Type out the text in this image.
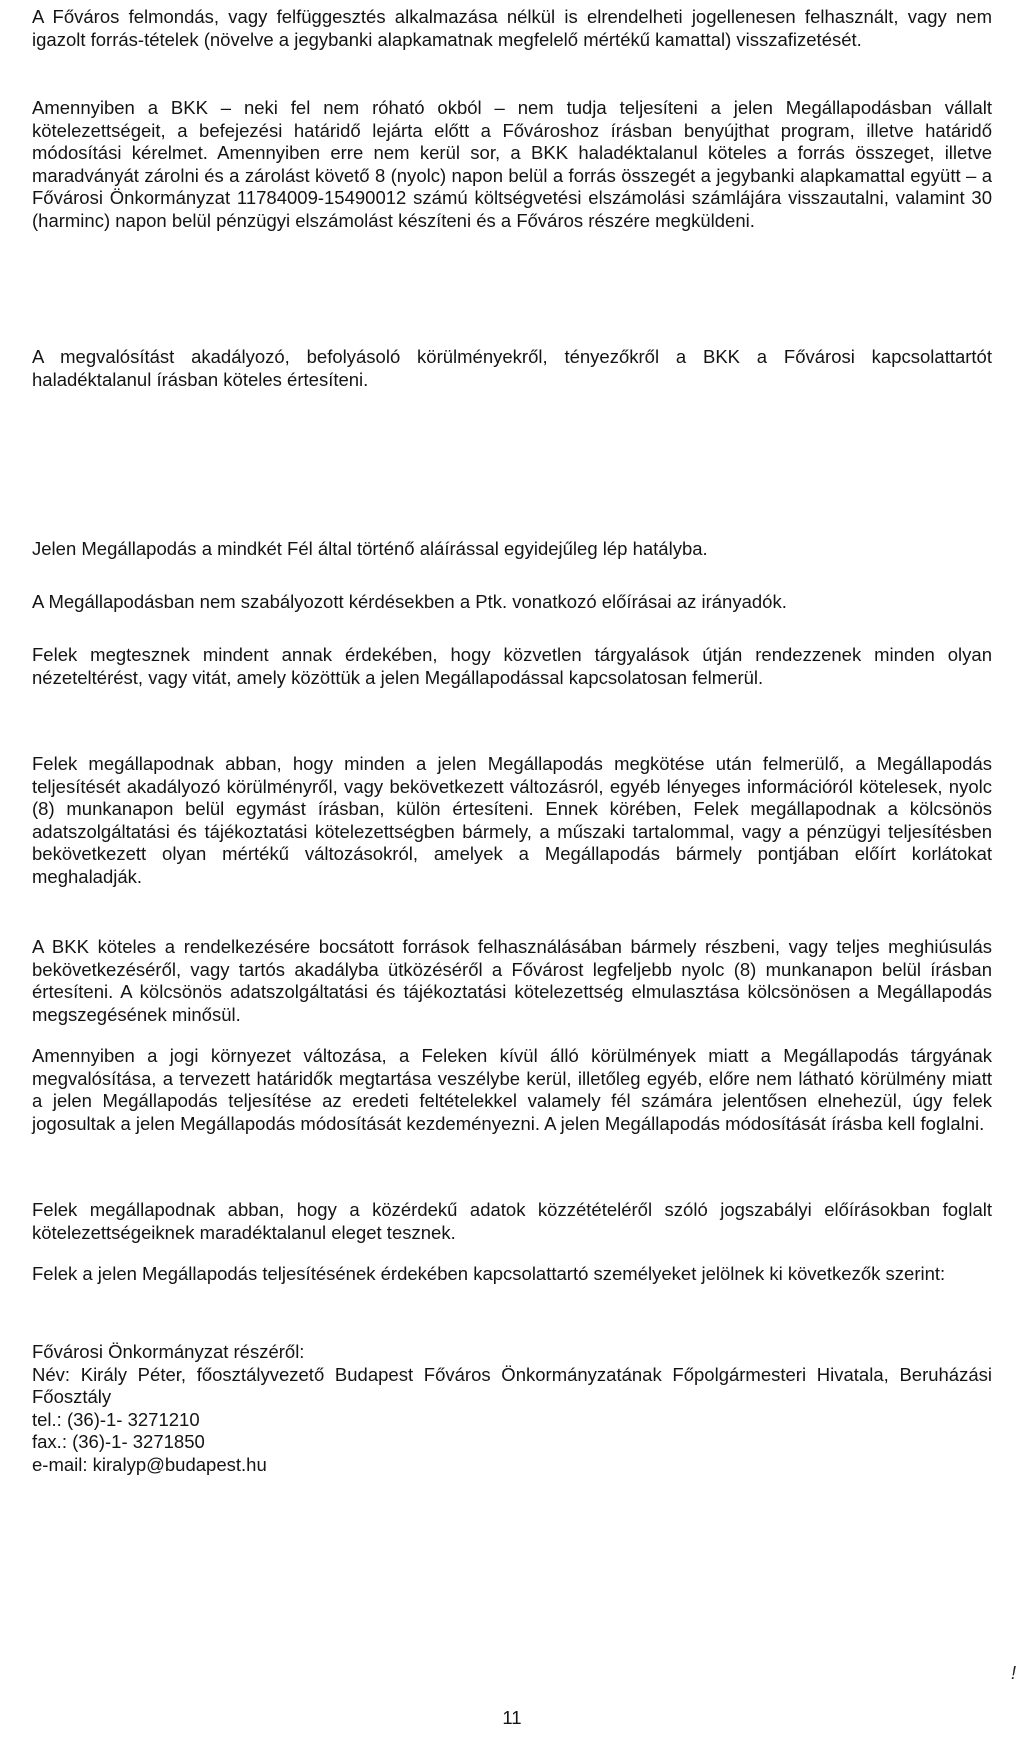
A Főváros felmondás, vagy felfüggesztés alkalmazása nélkül is elrendelheti jogellenesen felhasznált, vagy nem igazolt forrás-tételek (növelve a jegybanki alapkamatnak megfelelő mértékű kamattal) visszafizetését.

Amennyiben a BKK – neki fel nem róható okból – nem tudja teljesíteni a jelen Megállapodásban vállalt kötelezettségeit, a befejezési határidő lejárta előtt a Fővároshoz írásban benyújthat program, illetve határidő módosítási kérelmet. Amennyiben erre nem kerül sor, a BKK haladéktalanul köteles a forrás összeget, illetve maradványát zárolni és a zárolást követő 8 (nyolc) napon belül a forrás összegét a jegybanki alapkamattal együtt – a Fővárosi Önkormányzat 11784009-15490012 számú költségvetési elszámolási számlájára visszautalni, valamint 30 (harminc) napon belül pénzügyi elszámolást készíteni és a Főváros részére megküldeni.

A megvalósítást akadályozó, befolyásoló körülményekről, tényezőkről a BKK a Fővárosi kapcsolattartót haladéktalanul írásban köteles értesíteni.

Jelen Megállapodás a mindkét Fél által történő aláírással egyidejűleg lép hatályba.

A Megállapodásban nem szabályozott kérdésekben a Ptk. vonatkozó előírásai az irányadók.

Felek megtesznek mindent annak érdekében, hogy közvetlen tárgyalások útján rendezzenek minden olyan nézeteltérést, vagy vitát, amely közöttük a jelen Megállapodással kapcsolatosan felmerül.

Felek megállapodnak abban, hogy minden a jelen Megállapodás megkötése után felmerülő, a Megállapodás teljesítését akadályozó körülményről, vagy bekövetkezett változásról, egyéb lényeges információról kötelesek, nyolc (8) munkanapon belül egymást írásban, külön értesíteni. Ennek körében, Felek megállapodnak a kölcsönös adatszolgáltatási és tájékoztatási kötelezettségben bármely, a műszaki tartalommal, vagy a pénzügyi teljesítésben bekövetkezett olyan mértékű változásokról, amelyek a Megállapodás bármely pontjában előírt korlátokat meghaladják.

A BKK köteles a rendelkezésére bocsátott források felhasználásában bármely részbeni, vagy teljes meghiúsulás bekövetkezéséről, vagy tartós akadályba ütközéséről a Fővárost legfeljebb nyolc (8) munkanapon belül írásban értesíteni. A kölcsönös adatszolgáltatási és tájékoztatási kötelezettség elmulasztása kölcsönösen a Megállapodás megszegésének minősül.

Amennyiben a jogi környezet változása, a Feleken kívül álló körülmények miatt a Megállapodás tárgyának megvalósítása, a tervezett határidők megtartása veszélybe kerül, illetőleg egyéb, előre nem látható körülmény miatt a jelen Megállapodás teljesítése az eredeti feltételekkel valamely fél számára jelentősen elnehezül, úgy felek jogosultak a jelen Megállapodás módosítását kezdeményezni. A jelen Megállapodás módosítását írásba kell foglalni.

Felek megállapodnak abban, hogy a közérdekű adatok közzétételéről szóló jogszabályi előírásokban foglalt kötelezettségeiknek maradéktalanul eleget tesznek.

Felek a jelen Megállapodás teljesítésének érdekében kapcsolattartó személyeket jelölnek ki következők szerint:

Fővárosi Önkormányzat részéről:
Név: Király Péter, főosztályvezető Budapest Főváros Önkormányzatának Főpolgármesteri Hivatala, Beruházási Főosztály
tel.: (36)-1- 3271210
fax.: (36)-1- 3271850
e-mail: kiralyp@budapest.hu
!
11
